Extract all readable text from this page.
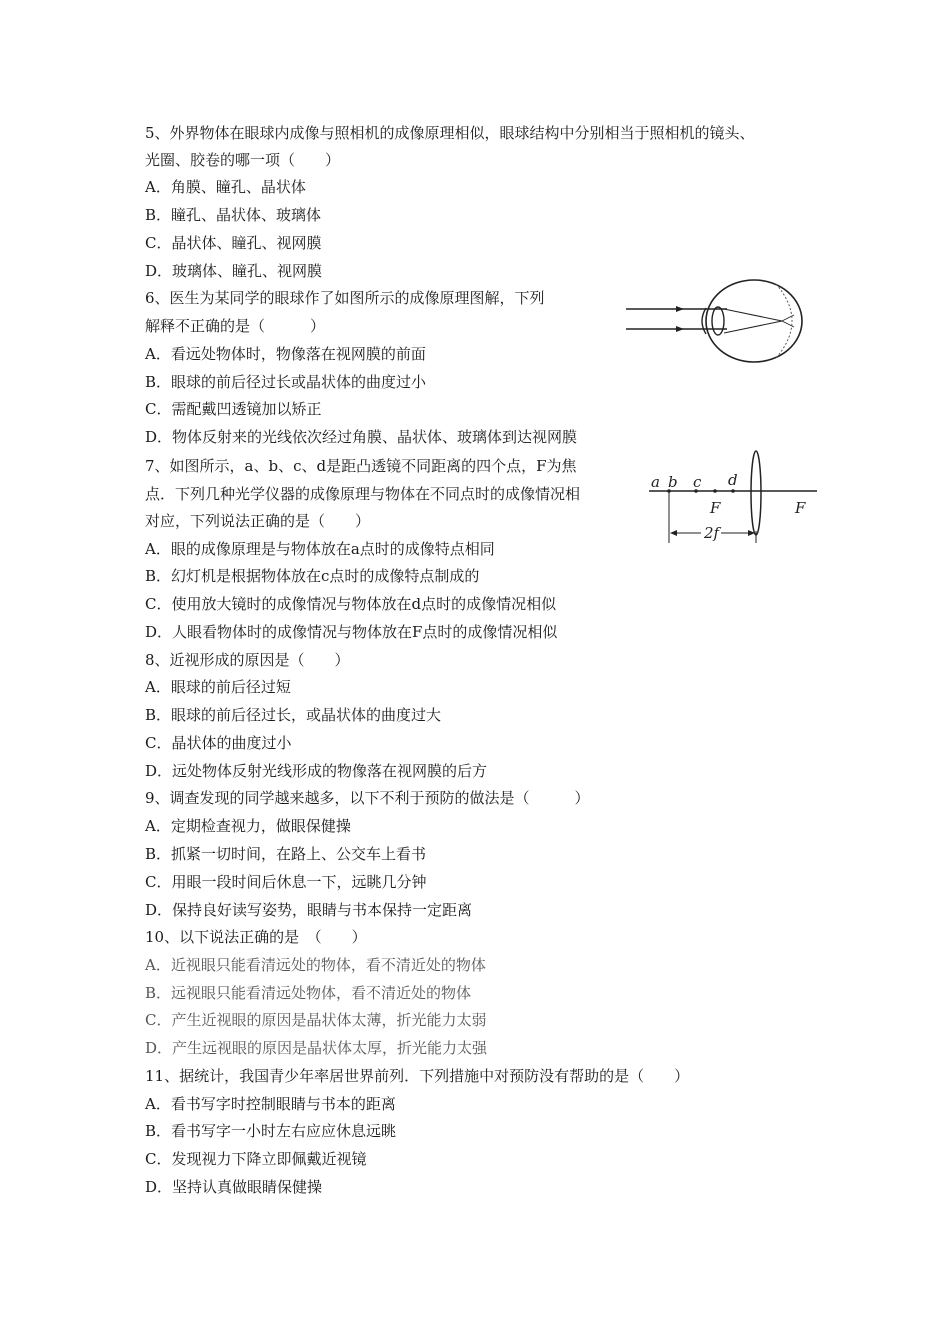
5、外界物体在眼球内成像与照相机的成像原理相似，眼球结构中分别相当于照相机的镜头、
光圈、胶卷的哪一项（　　）
A．角膜、瞳孔、晶状体
B．瞳孔、晶状体、玻璃体
C．晶状体、瞳孔、视网膜
D．玻璃体、瞳孔、视网膜
6、医生为某同学的眼球作了如图所示的成像原理图解，下列
解释不正确的是（　　　）
A．看远处物体时，物像落在视网膜的前面
B．眼球的前后径过长或晶状体的曲度过小
C．需配戴凹透镜加以矫正
D．物体反射来的光线依次经过角膜、晶状体、玻璃体到达视网膜
7、如图所示，a、b、c、d是距凸透镜不同距离的四个点，F为焦
点．下列几种光学仪器的成像原理与物体在不同点时的成像情况相
对应，下列说法正确的是（　　）
A．眼的成像原理是与物体放在a点时的成像特点相同
B．幻灯机是根据物体放在c点时的成像特点制成的
C．使用放大镜时的成像情况与物体放在d点时的成像情况相似
D．人眼看物体时的成像情况与物体放在F点时的成像情况相似
a b c d
F	F
2f
8、近视形成的原因是（　　）
A．眼球的前后径过短
B．眼球的前后径过长，或晶状体的曲度过大
C．晶状体的曲度过小
D．远处物体反射光线形成的物像落在视网膜的后方
9、调查发现的同学越来越多，以下不利于预防的做法是（　　　）
A．定期检查视力，做眼保健操
B．抓紧一切时间，在路上、公交车上看书
C．用眼一段时间后休息一下，远眺几分钟
D．保持良好读写姿势，眼睛与书本保持一定距离
10、以下说法正确的是　（　　）
A．近视眼只能看清远处的物体，看不清近处的物体
B．远视眼只能看清远处物体，看不清近处的物体
C．产生近视眼的原因是晶状体太薄，折光能力太弱
D．产生远视眼的原因是晶状体太厚，折光能力太强
11、据统计，我国青少年率居世界前列．下列措施中对预防没有帮助的是（　　）
A．看书写字时控制眼睛与书本的距离
B．看书写字一小时左右应应休息远眺
C．发现视力下降立即佩戴近视镜
D．坚持认真做眼睛保健操
